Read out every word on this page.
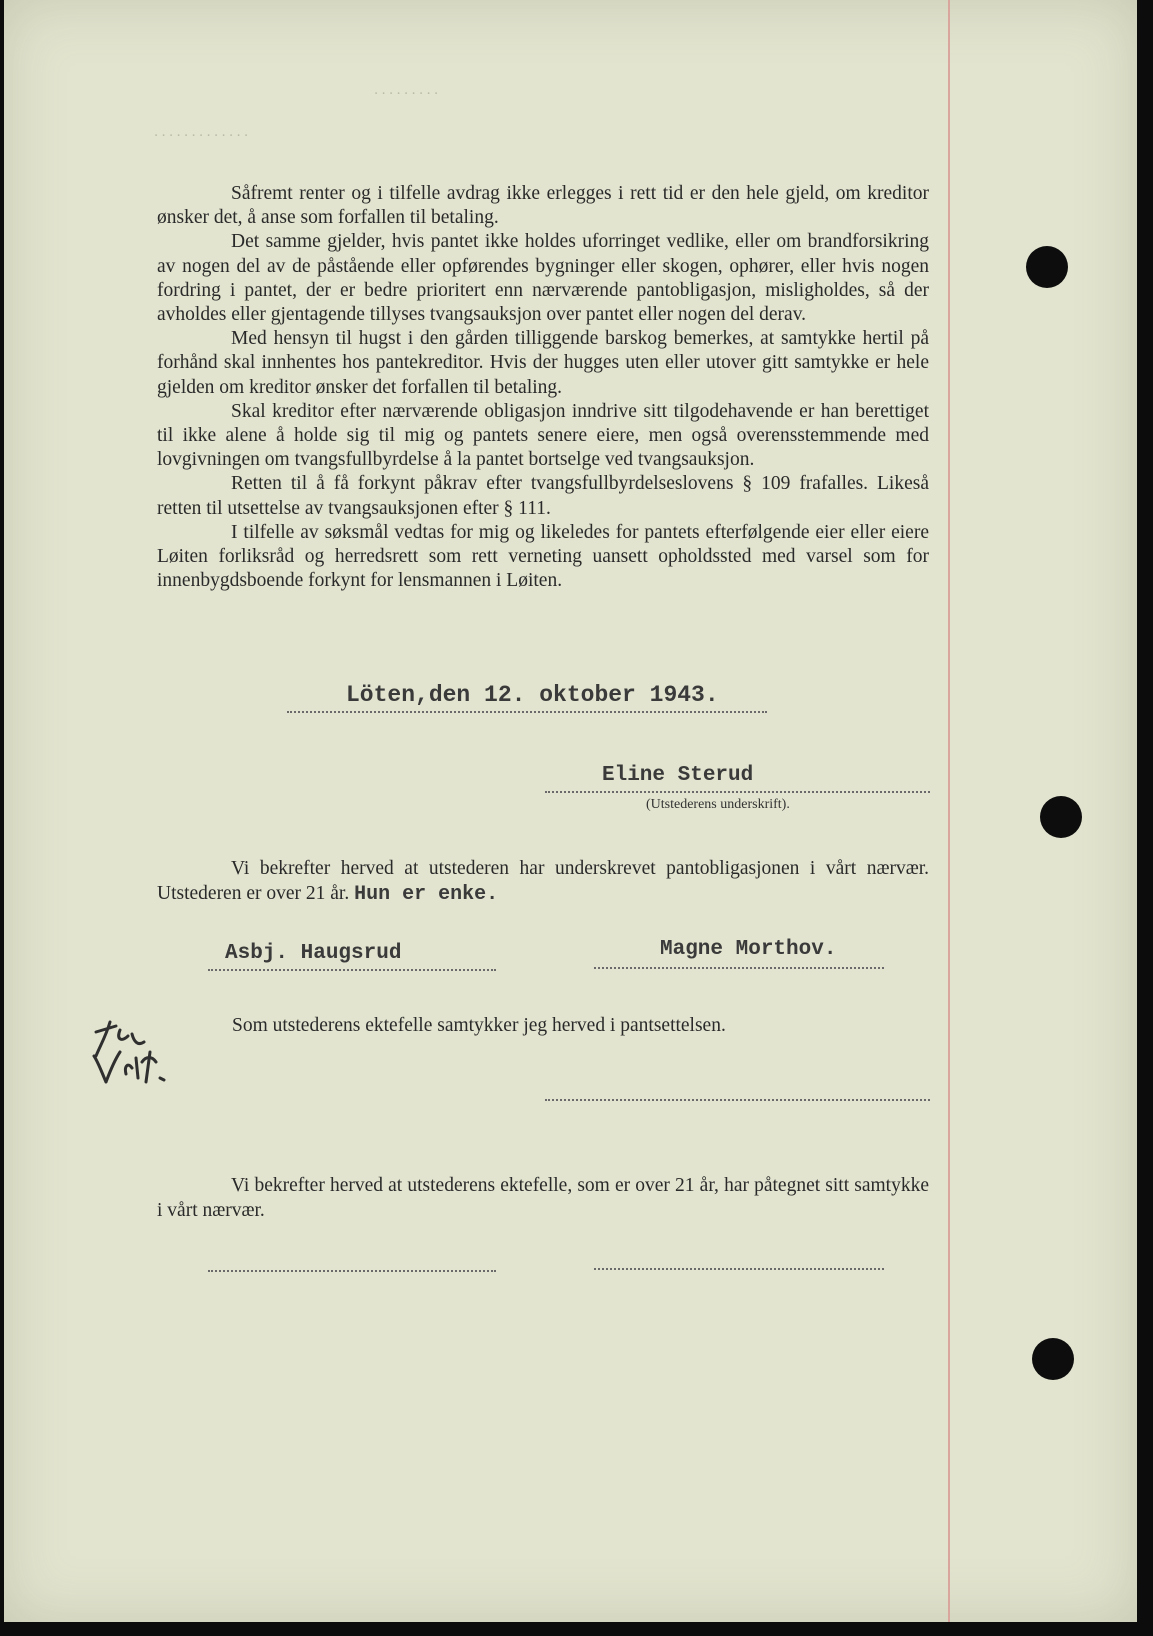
· · · · · · · · ·
· · · · · · · · · · · · ·

Såfremt renter og i tilfelle avdrag ikke erlegges i rett tid er den hele gjeld, om kreditor ønsker det, å anse som forfallen til betaling.

Det samme gjelder, hvis pantet ikke holdes uforringet vedlike, eller om brandforsikring av nogen del av de påstående eller opførendes bygninger eller skogen, ophører, eller hvis nogen fordring i pantet, der er bedre prioritert enn nærværende pantobligasjon, misligholdes, så der avholdes eller gjentagende tillyses tvangsauksjon over pantet eller nogen del derav.

Med hensyn til hugst i den gården tilliggende barskog bemerkes, at samtykke hertil på forhånd skal innhentes hos pantekreditor. Hvis der hugges uten eller utover gitt samtykke er hele gjelden om kreditor ønsker det forfallen til betaling.

Skal kreditor efter nærværende obligasjon inndrive sitt tilgodehavende er han berettiget til ikke alene å holde sig til mig og pantets senere eiere, men også overensstemmende med lovgivningen om tvangsfullbyrdelse å la pantet bortselge ved tvangsauksjon.

Retten til å få forkynt påkrav efter tvangsfullbyrdelseslovens § 109 frafalles. Likeså retten til utsettelse av tvangsauksjonen efter § 111.

I tilfelle av søksmål vedtas for mig og likeledes for pantets efterfølgende eier eller eiere Løiten forliksråd og herredsrett som rett verneting uansett opholdssted med varsel som for innenbygdsboende forkynt for lensmannen i Løiten.

Löten,den 12. oktober 1943.
Eline Sterud
(Utstederens underskrift).
Vi bekrefter herved at utstederen har underskrevet pantobligasjonen i vårt nærvær. Utstederen er over 21 år. Hun er enke.
Asbj. Haugsrud	Magne Morthov.
Som utstederens ektefelle samtykker jeg herved i pantsettelsen.
Vi bekrefter herved at utstederens ektefelle, som er over 21 år, har påtegnet sitt samtykke i vårt nærvær.
